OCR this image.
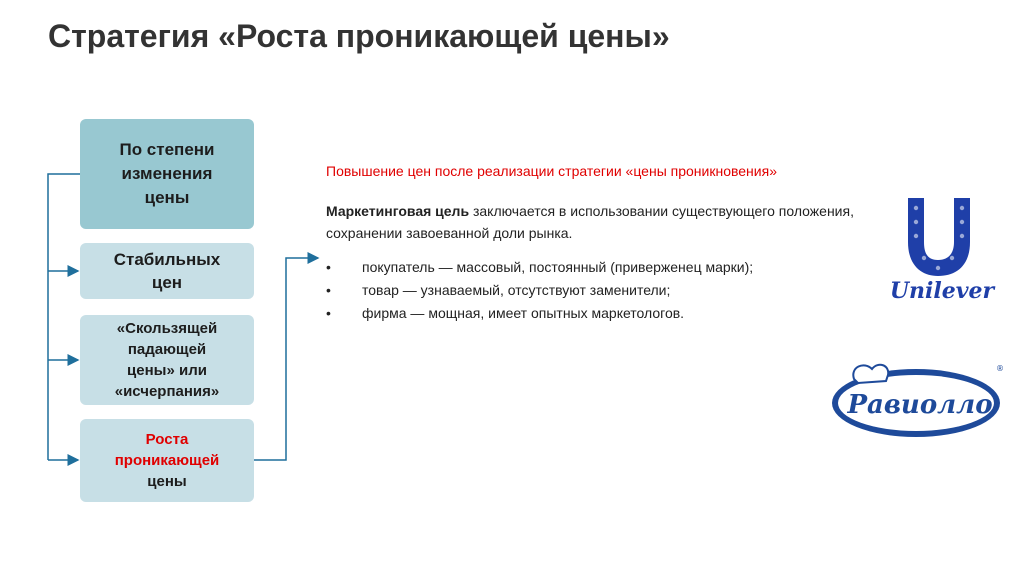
Стратегия «Роста проникающей цены»
По степени
изменения
цены
Стабильных
цен
«Скользящей
падающей
цены» или
«исчерпания»
Роста
проникающей
цены

Повышение цен после реализации стратегии «цены проникновения»

Маркетинговая цель заключается в использовании существующего положения, сохранении завоеванной доли рынка.

• покупатель — массовый, постоянный (приверженец марки);
• товар — узнаваемый, отсутствуют заменители;
• фирма — мощная, имеет опытных маркетологов.
Unilever
Равиолло
®
